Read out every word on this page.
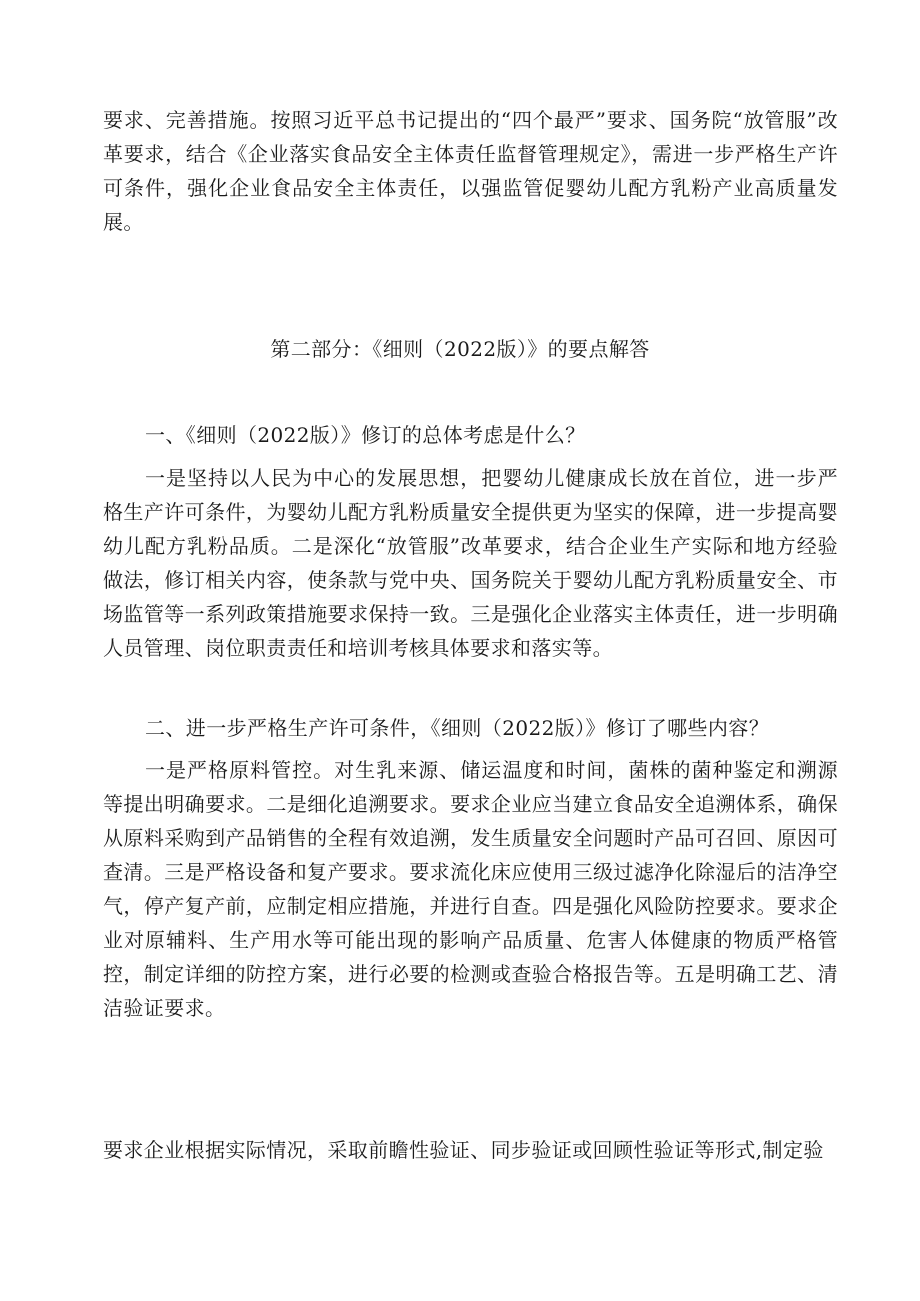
要求、完善措施。按照习近平总书记提出的“四个最严”要求、国务院“放管服”改革要求，结合《企业落实食品安全主体责任监督管理规定》，需进一步严格生产许可条件，强化企业食品安全主体责任，以强监管促婴幼儿配方乳粉产业高质量发展。

第二部分：《细则（2022版）》的要点解答

一、《细则（2022版）》修订的总体考虑是什么？

一是坚持以人民为中心的发展思想，把婴幼儿健康成长放在首位，进一步严格生产许可条件，为婴幼儿配方乳粉质量安全提供更为坚实的保障，进一步提高婴幼儿配方乳粉品质。二是深化“放管服”改革要求，结合企业生产实际和地方经验做法，修订相关内容，使条款与党中央、国务院关于婴幼儿配方乳粉质量安全、市场监管等一系列政策措施要求保持一致。三是强化企业落实主体责任，进一步明确人员管理、岗位职责责任和培训考核具体要求和落实等。

二、进一步严格生产许可条件，《细则（2022版）》修订了哪些内容？

一是严格原料管控。对生乳来源、储运温度和时间，菌株的菌种鉴定和溯源等提出明确要求。二是细化追溯要求。要求企业应当建立食品安全追溯体系，确保从原料采购到产品销售的全程有效追溯，发生质量安全问题时产品可召回、原因可查清。三是严格设备和复产要求。要求流化床应使用三级过滤净化除湿后的洁净空气，停产复产前，应制定相应措施，并进行自查。四是强化风险防控要求。要求企业对原辅料、生产用水等可能出现的影响产品质量、危害人体健康的物质严格管控，制定详细的防控方案，进行必要的检测或查验合格报告等。五是明确工艺、清洁验证要求。

要求企业根据实际情况，采取前瞻性验证、同步验证或回顾性验证等形式,制定验
